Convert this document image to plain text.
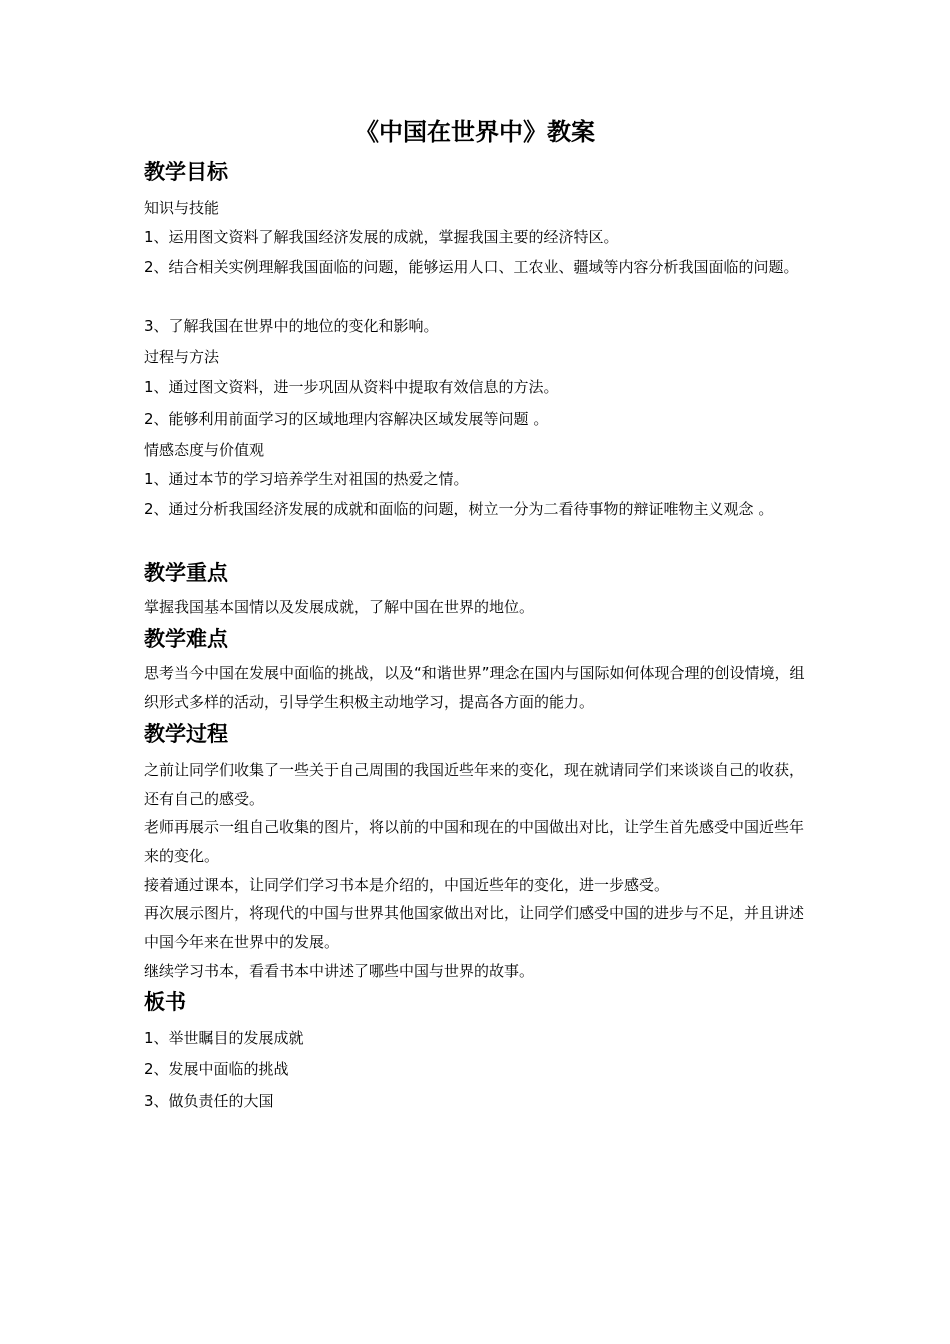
《中国在世界中》教案
教学目标

知识与技能

1、运用图文资料了解我国经济发展的成就，掌握我国主要的经济特区。

2、结合相关实例理解我国面临的问题，能够运用人口、工农业、疆域等内容分析我国面临的问题。

3、了解我国在世界中的地位的变化和影响。

过程与方法

1、通过图文资料，进一步巩固从资料中提取有效信息的方法。

2、能够利用前面学习的区域地理内容解决区域发展等问题 。

情感态度与价值观

1、通过本节的学习培养学生对祖国的热爱之情。

2、通过分析我国经济发展的成就和面临的问题，树立一分为二看待事物的辩证唯物主义观念 。

教学重点

掌握我国基本国情以及发展成就，了解中国在世界的地位。

教学难点

思考当今中国在发展中面临的挑战，以及“和谐世界”理念在国内与国际如何体现合理的创设情境，组织形式多样的活动，引导学生积极主动地学习，提高各方面的能力。

教学过程

之前让同学们收集了一些关于自己周围的我国近些年来的变化，现在就请同学们来谈谈自己的收获，还有自己的感受。

老师再展示一组自己收集的图片，将以前的中国和现在的中国做出对比，让学生首先感受中国近些年来的变化。

接着通过课本，让同学们学习书本是介绍的，中国近些年的变化，进一步感受。

再次展示图片，将现代的中国与世界其他国家做出对比，让同学们感受中国的进步与不足，并且讲述中国今年来在世界中的发展。

继续学习书本，看看书本中讲述了哪些中国与世界的故事。

板书

1、举世瞩目的发展成就

2、发展中面临的挑战

3、做负责任的大国
